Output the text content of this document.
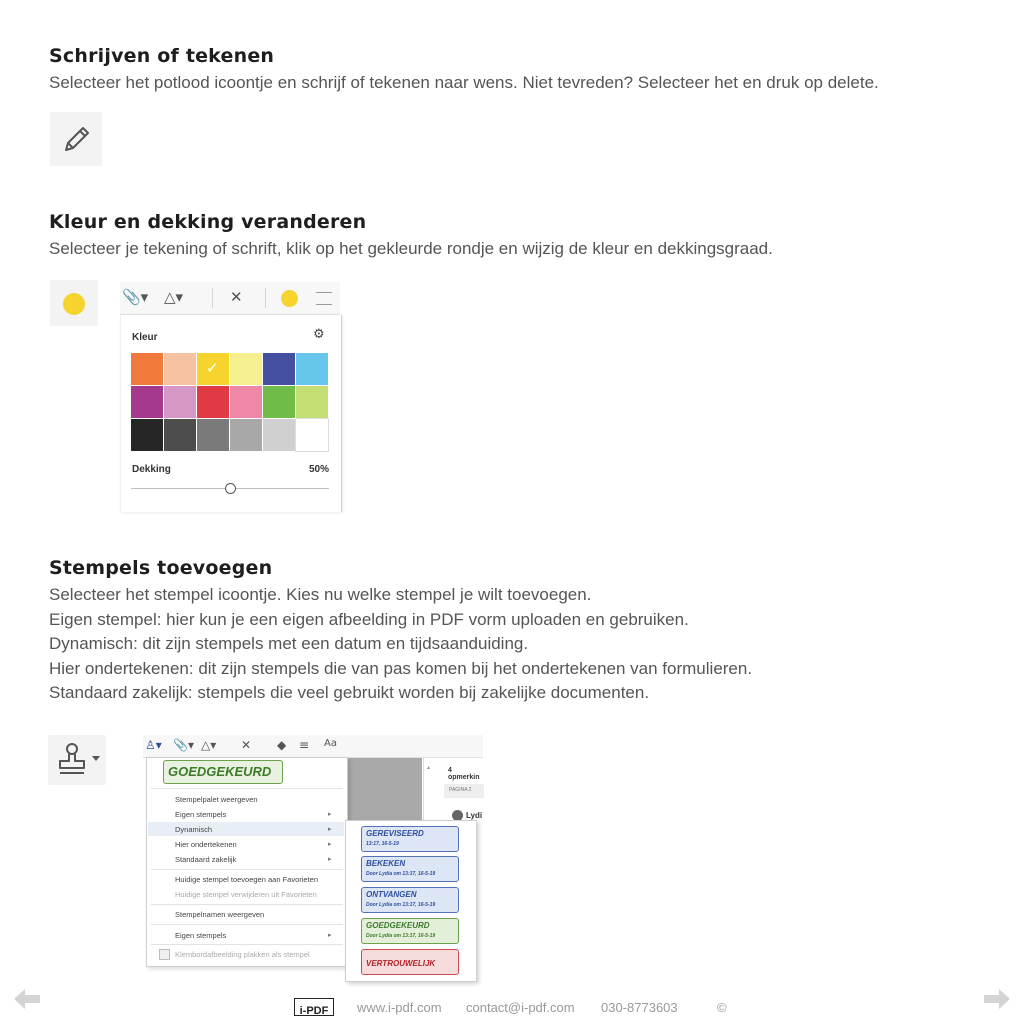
Schrijven of tekenen
Selecteer het potlood icoontje en schrijf of tekenen naar wens. Niet tevreden? Selecteer het en druk op delete.
Kleur en dekking veranderen
Selecteer je tekening of schrift, klik op het gekleurde rondje en wijzig de kleur en dekkingsgraad.
📎▾ △▾	✕
Kleur	⚙
✓
Dekking	50%
Stempels toevoegen
Selecteer het stempel icoontje. Kies nu welke stempel je wilt toevoegen.
Eigen stempel: hier kun je een eigen afbeelding in PDF vorm uploaden en gebruiken.
Dynamisch: dit zijn stempels met een datum en tijdsaanduiding.
Hier ondertekenen: dit zijn stempels die van pas komen bij het ondertekenen van formulieren.
Standaard zakelijk: stempels die veel gebruikt worden bij zakelijke documenten.
▴	4 opmerkin
PAGINA 2
Lydi
♙▾ 📎▾ △▾ ✕ ◆ ≡ Aa
GOEDGEKEURD
Stempelpalet weergeven
Eigen stempels	▸
Dynamisch	▸
Hier ondertekenen	▸
Standaard zakelijk	▸
Huidige stempel toevoegen aan Favorieten
Huidige stempel verwijderen uit Favorieten
Stempelnamen weergeven
Eigen stempels	▸
Klembordafbeelding plakken als stempel
GEREVISEERD
13:17, 16-5-19
BEKEKEN
Door Lydia om 13:17, 16-5-19
ONTVANGEN
Door Lydia om 13:17, 16-5-19
GOEDGEKEURD
Door Lydia om 13:17, 16-5-19
VERTROUWELIJK
i-PDF	www.i-pdf.com contact@i-pdf.com 030-8773603	©
